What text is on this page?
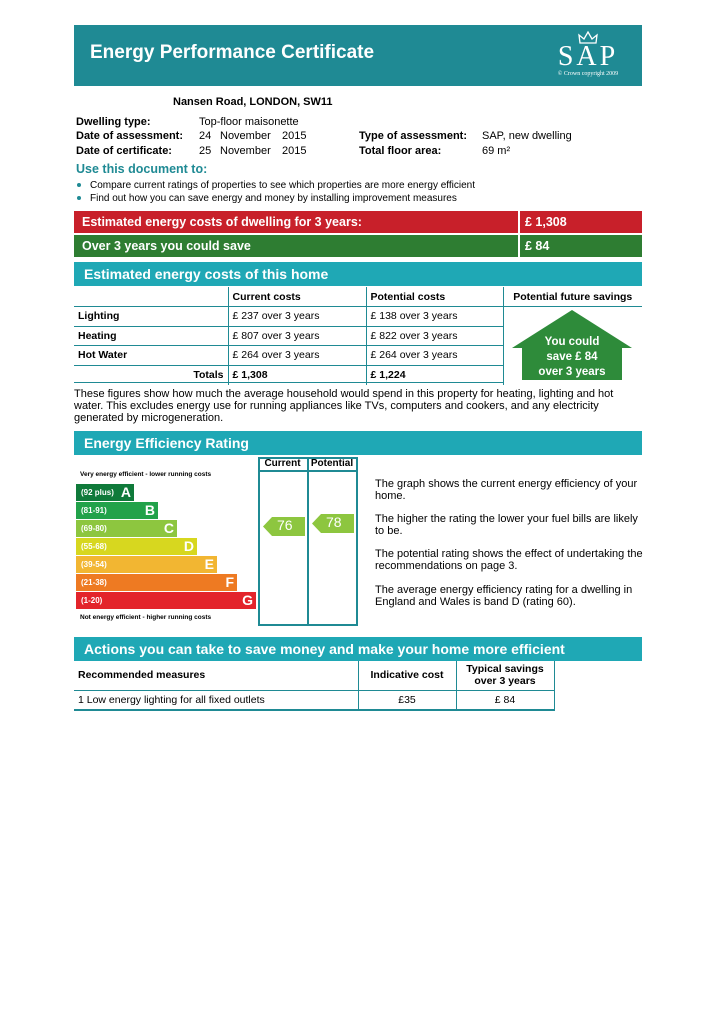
Energy Performance Certificate	SAP
© Crown copyright 2009
Nansen Road, LONDON, SW11
Dwelling type:	Top-floor maisonette
Date of assessment: 24 November 2015
Date of certificate: 25 November 2015
Type of assessment: SAP, new dwelling
Total floor area:	69 m²
Use this document to:
Compare current ratings of properties to see which properties are more energy efficient
Find out how you can save energy and money by installing improvement measures
Estimated energy costs of dwelling for 3 years:	£ 1,308
Over 3 years you could save	£ 84
Estimated energy costs of this home
	Current costs	Potential costs	Potential future savings
Lighting	£ 237 over 3 years	£ 138 over 3 years	
Heating	£ 807 over 3 years	£ 822 over 3 years	
Hot Water	£ 264 over 3 years	£ 264 over 3 years	
Totals	£ 1,308	£ 1,224	
You could
save £ 84
over 3 years
These figures show how much the average household would spend in this property for heating, lighting and hot water. This excludes energy use for running appliances like TVs, computers and cookers, and any electricity generated by microgeneration.
Energy Efficiency Rating
Very energy efficient - lower running costs
Not energy efficient - higher running costs
(92 plus) A
(81-91)	B
(69-80)	C
(55-68)	D
(39-54)	E
(21-38)	F
(1-20)	G
Current	Potential
76 78
The graph shows the current energy efficiency of your home.
The higher the rating the lower your fuel bills are likely to be.
The potential rating shows the effect of undertaking the recommendations on page 3.
The average energy efficiency rating for a dwelling in England and Wales is band D (rating 60).
Actions you can take to save money and make your home more efficient
Recommended measures	Indicative cost	Typical savings
over 3 years

1 Low energy lighting for all fixed outlets	£35	£ 84
